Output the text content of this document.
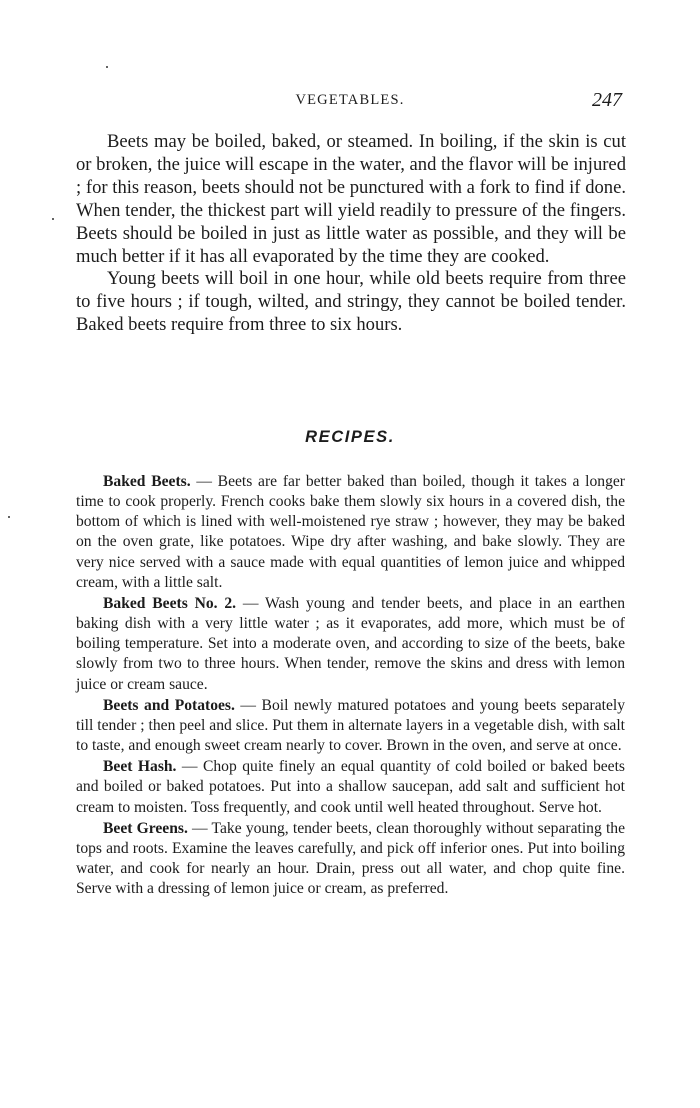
VEGETABLES.	247

Beets may be boiled, baked, or steamed. In boiling, if the skin is cut or broken, the juice will escape in the water, and the flavor will be injured ; for this reason, beets should not be punctured with a fork to find if done. When tender, the thickest part will yield readily to pressure of the fingers. Beets should be boiled in just as little water as possible, and they will be much better if it has all evaporated by the time they are cooked.

Young beets will boil in one hour, while old beets require from three to five hours ; if tough, wilted, and stringy, they cannot be boiled tender. Baked beets require from three to six hours.

RECIPES.

Baked Beets. — Beets are far better baked than boiled, though it takes a longer time to cook properly. French cooks bake them slowly six hours in a covered dish, the bottom of which is lined with well-moistened rye straw ; however, they may be baked on the oven grate, like potatoes. Wipe dry after washing, and bake slowly. They are very nice served with a sauce made with equal quantities of lemon juice and whipped cream, with a little salt.

Baked Beets No. 2. — Wash young and tender beets, and place in an earthen baking dish with a very little water ; as it evaporates, add more, which must be of boiling temperature. Set into a moderate oven, and according to size of the beets, bake slowly from two to three hours. When tender, remove the skins and dress with lemon juice or cream sauce.

Beets and Potatoes. — Boil newly matured potatoes and young beets separately till tender ; then peel and slice. Put them in alternate layers in a vegetable dish, with salt to taste, and enough sweet cream nearly to cover. Brown in the oven, and serve at once.

Beet Hash. — Chop quite finely an equal quantity of cold boiled or baked beets and boiled or baked potatoes. Put into a shallow saucepan, add salt and sufficient hot cream to moisten. Toss frequently, and cook until well heated throughout. Serve hot.

Beet Greens. — Take young, tender beets, clean thoroughly without separating the tops and roots. Examine the leaves carefully, and pick off inferior ones. Put into boiling water, and cook for nearly an hour. Drain, press out all water, and chop quite fine. Serve with a dressing of lemon juice or cream, as preferred.
